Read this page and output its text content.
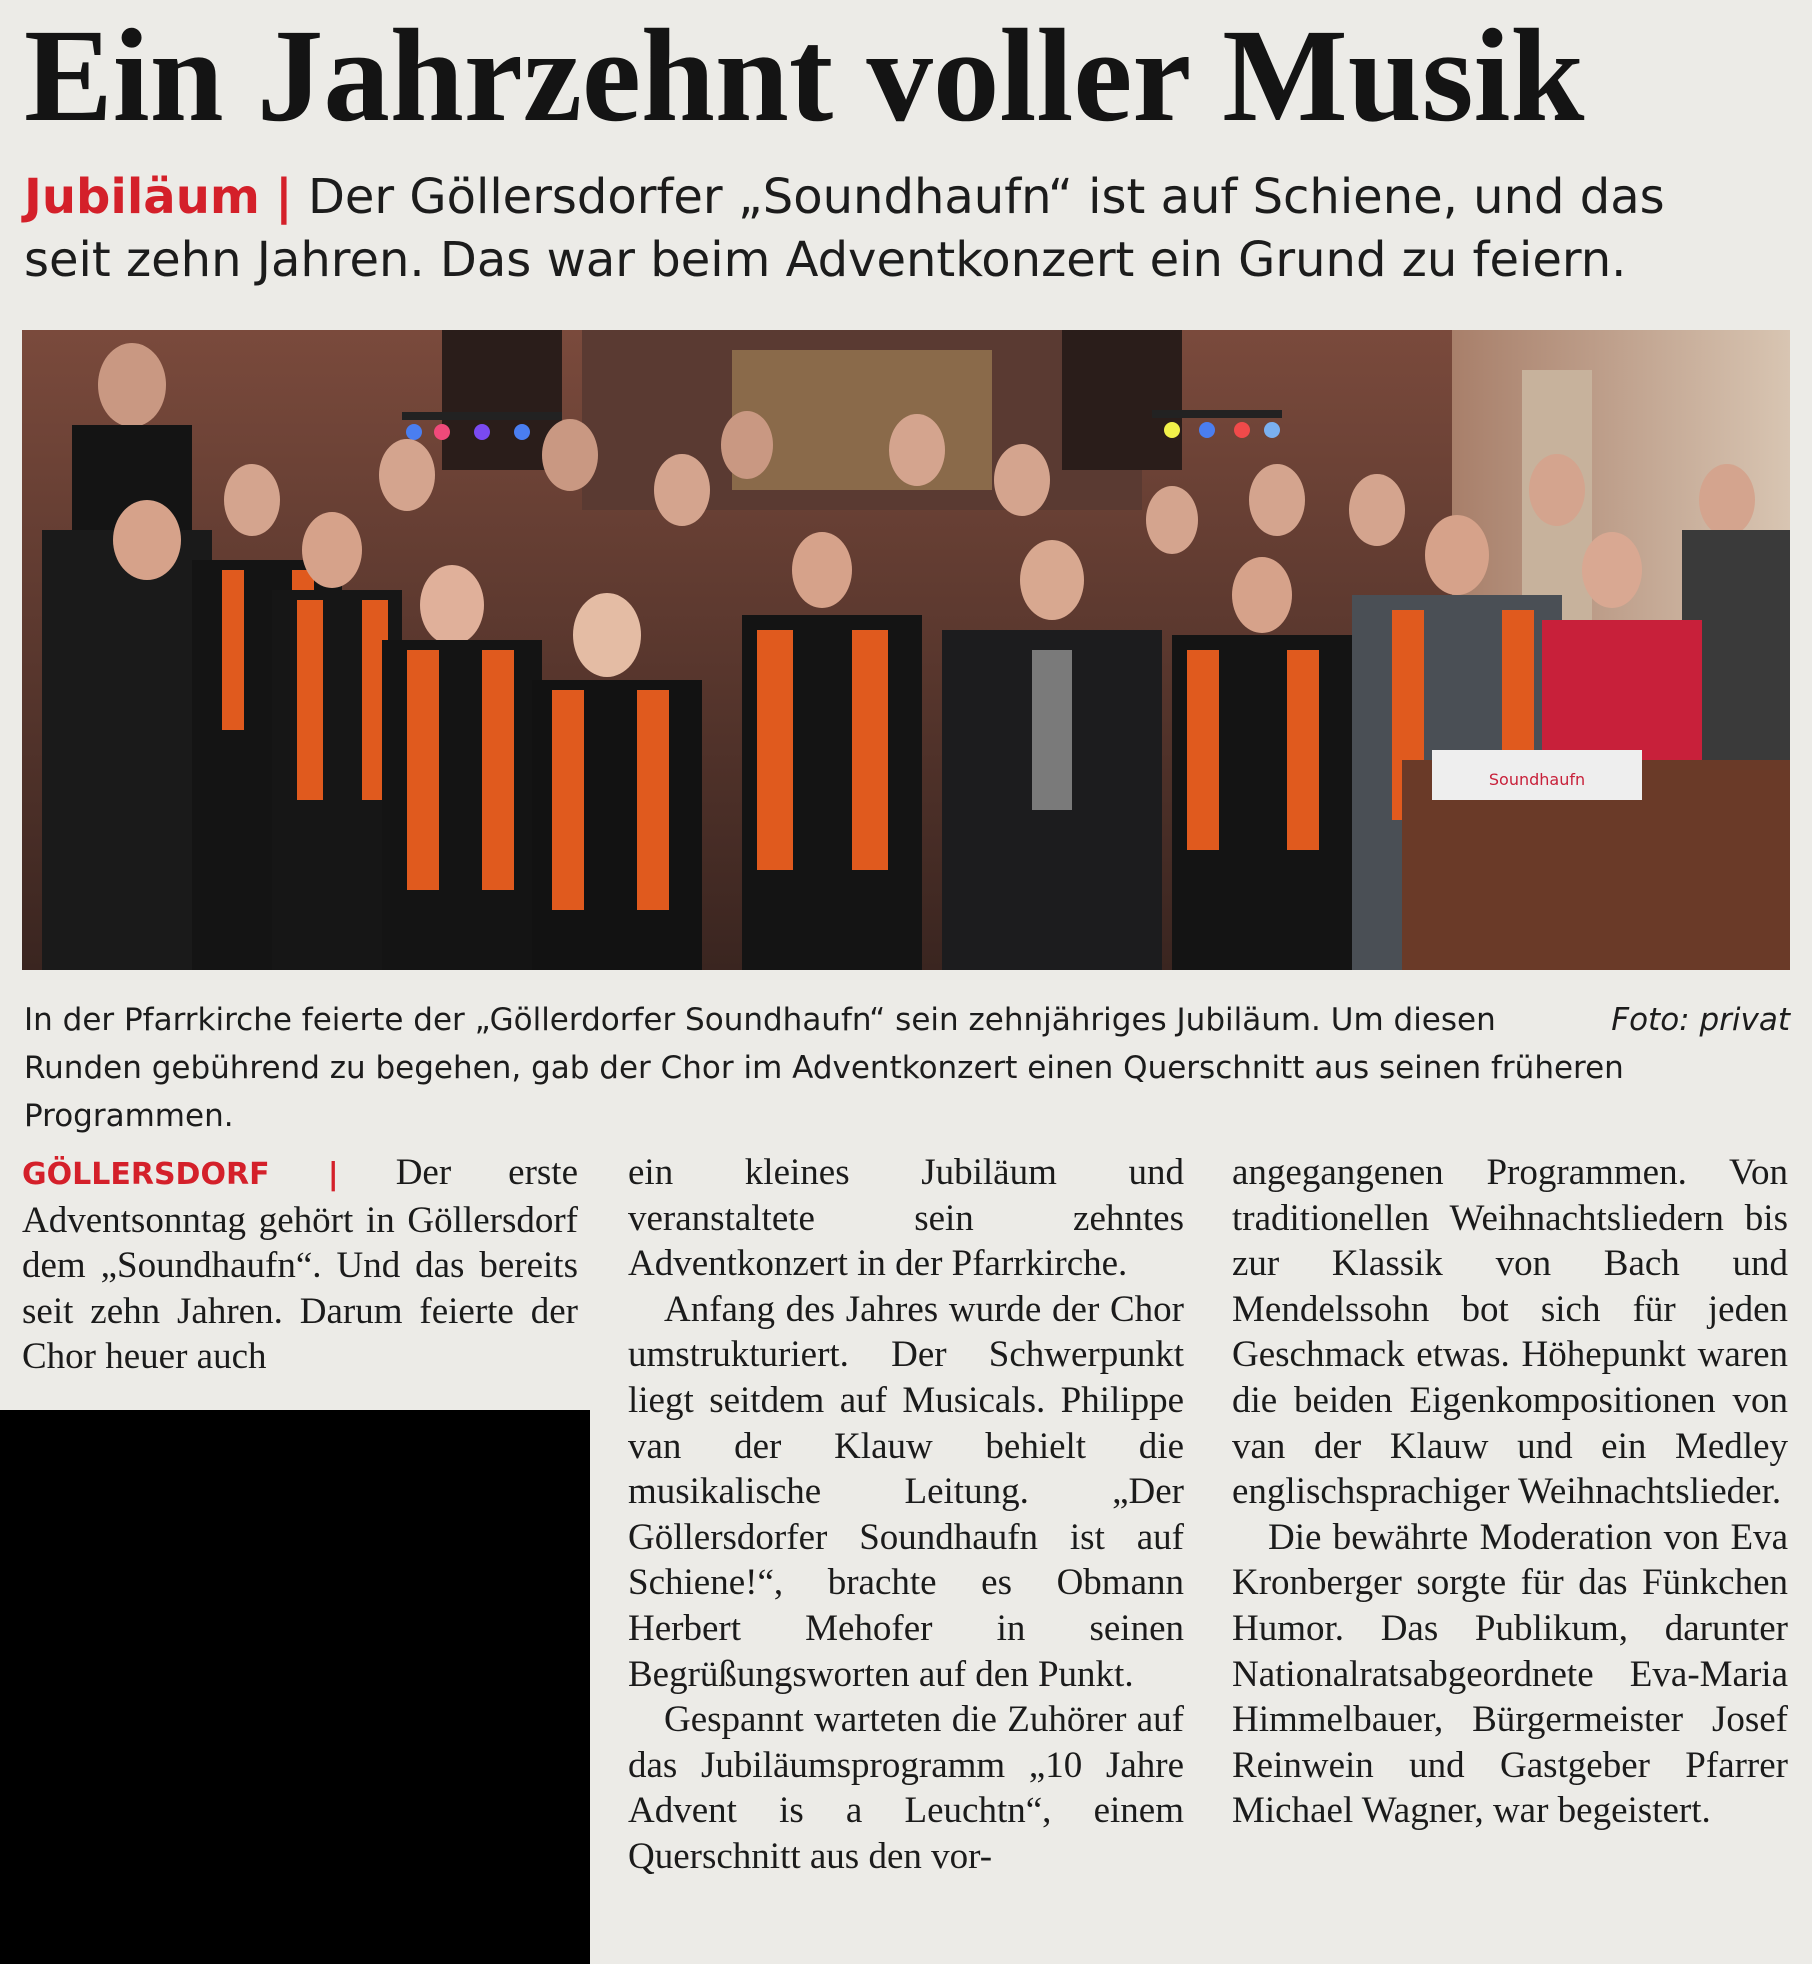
Ein Jahrzehnt voller Musik

Jubiläum | Der Göllersdorfer „Soundhaufn“ ist auf Schiene, und das seit zehn Jahren. Das war beim Adventkonzert ein Grund zu feiern.

Soundhaufn

Foto: privat
In der Pfarrkirche feierte der „Göllerdorfer Soundhaufn“ sein zehnjähriges Jubiläum. Um diesen Runden gebührend zu begehen, gab der Chor im Adventkonzert einen Querschnitt aus seinen früheren Programmen.

GÖLLERSDORF | Der erste Adventsonntag gehört in Göllersdorf dem „Soundhaufn“. Und das bereits seit zehn Jahren. Darum feierte der Chor heuer auch

ein kleines Jubiläum und veranstaltete sein zehntes Adventkonzert in der Pfarrkirche.

Anfang des Jahres wurde der Chor umstrukturiert. Der Schwerpunkt liegt seitdem auf Musicals. Philippe van der Klauw behielt die musikalische Leitung. „Der Göllersdorfer Soundhaufn ist auf Schiene!“, brachte es Obmann Herbert Mehofer in seinen Begrüßungsworten auf den Punkt.

Gespannt warteten die Zuhörer auf das Jubiläumsprogramm „10 Jahre Advent is a Leuchtn“, einem Querschnitt aus den vor-

angegangenen Programmen. Von traditionellen Weihnachtsliedern bis zur Klassik von Bach und Mendelssohn bot sich für jeden Geschmack etwas. Höhepunkt waren die beiden Eigenkompositionen von van der Klauw und ein Medley englischsprachiger Weihnachtslieder.

Die bewährte Moderation von Eva Kronberger sorgte für das Fünkchen Humor. Das Publikum, darunter Nationalratsabgeordnete Eva-Maria Himmelbauer, Bürgermeister Josef Reinwein und Gastgeber Pfarrer Michael Wagner, war begeistert.
